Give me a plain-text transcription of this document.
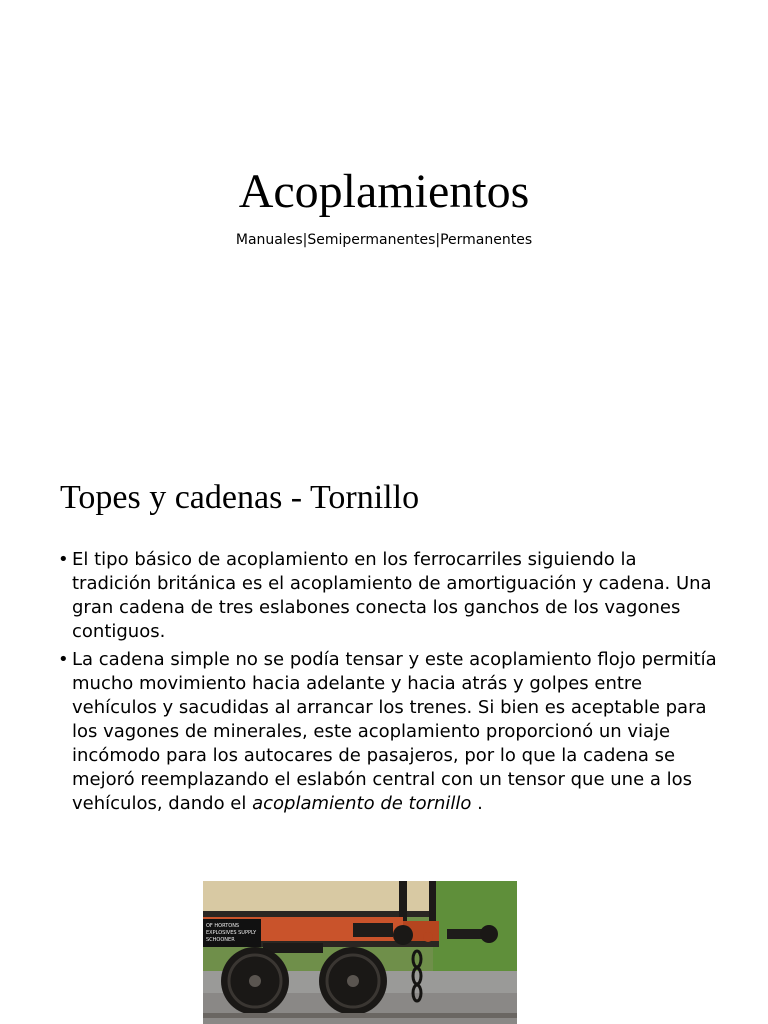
Acoplamientos
Manuales|Semipermanentes|Permanentes
Topes y cadenas - Tornillo
• El tipo básico de acoplamiento en los ferrocarriles siguiendo la tradición británica es el acoplamiento de amortiguación y cadena. Una gran cadena de tres eslabones conecta los ganchos de los vagones contiguos.
• La cadena simple no se podía tensar y este acoplamiento flojo permitía mucho movimiento hacia adelante y hacia atrás y golpes entre vehículos y sacudidas al arrancar los trenes. Si bien es aceptable para los vagones de minerales, este acoplamiento proporcionó un viaje incómodo para los autocares de pasajeros, por lo que la cadena se mejoró reemplazando el eslabón central con un tensor que une a los vehículos, dando el acoplamiento de tornillo .
OF HORTONS
EXPLOSIVES SUPPLY
SCHOONER
